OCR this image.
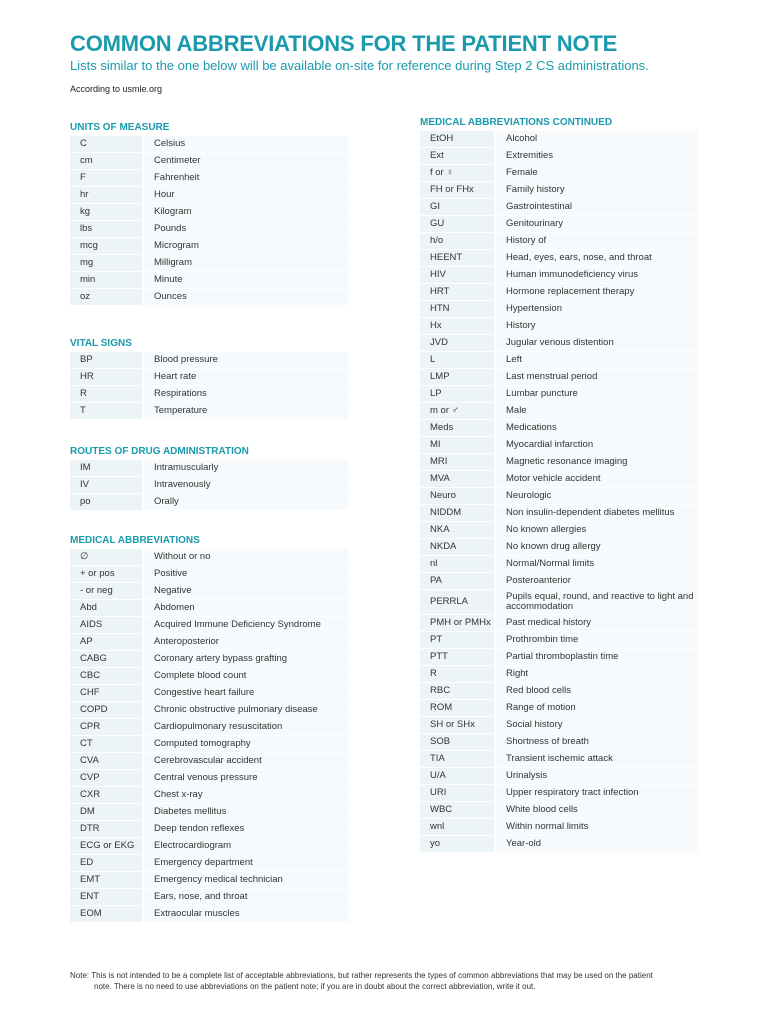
COMMON ABBREVIATIONS FOR THE PATIENT NOTE
Lists similar to the one below will be available on-site for reference during Step 2 CS administrations.
According to usmle.org
UNITS OF MEASURE
C	Celsius
cm	Centimeter
F	Fahrenheit
hr	Hour
kg	Kilogram
lbs	Pounds
mcg	Microgram
mg	Milligram
min	Minute
oz	Ounces
VITAL SIGNS
BP	Blood pressure
HR	Heart rate
R	Respirations
T	Temperature
ROUTES OF DRUG ADMINISTRATION
IM	Intramuscularly
IV	Intravenously
po	Orally
MEDICAL ABBREVIATIONS
∅	Without or no
+ or pos	Positive
- or neg	Negative
Abd	Abdomen
AIDS	Acquired Immune Deficiency Syndrome
AP	Anteroposterior
CABG	Coronary artery bypass grafting
CBC	Complete blood count
CHF	Congestive heart failure
COPD	Chronic obstructive pulmonary disease
CPR	Cardiopulmonary resuscitation
CT	Computed tomography
CVA	Cerebrovascular accident
CVP	Central venous pressure
CXR	Chest x-ray
DM	Diabetes mellitus
DTR	Deep tendon reflexes
ECG or EKG	Electrocardiogram
ED	Emergency department
EMT	Emergency medical technician
ENT	Ears, nose, and throat
EOM	Extraocular muscles
MEDICAL ABBREVIATIONS CONTINUED
EtOH	Alcohol
Ext	Extremities
f or ♀	Female
FH or FHx	Family history
GI	Gastrointestinal
GU	Genitourinary
h/o	History of
HEENT	Head, eyes, ears, nose, and throat
HIV	Human immunodeficiency virus
HRT	Hormone replacement therapy
HTN	Hypertension
Hx	History
JVD	Jugular venous distention
L	Left
LMP	Last menstrual period
LP	Lumbar puncture
m or ♂	Male
Meds	Medications
MI	Myocardial infarction
MRI	Magnetic resonance imaging
MVA	Motor vehicle accident
Neuro	Neurologic
NIDDM	Non insulin-dependent diabetes mellitus
NKA	No known allergies
NKDA	No known drug allergy
nl	Normal/Normal limits
PA	Posteroanterior
PERRLA	Pupils equal, round, and reactive to light and accommodation
PMH or PMHx	Past medical history
PT	Prothrombin time
PTT	Partial thromboplastin time
R	Right
RBC	Red blood cells
ROM	Range of motion
SH or SHx	Social history
SOB	Shortness of breath
TIA	Transient ischemic attack
U/A	Urinalysis
URI	Upper respiratory tract infection
WBC	White blood cells
wnl	Within normal limits
yo	Year-old
Note: This is not intended to be a complete list of acceptable abbreviations, but rather represents the types of common abbreviations that may be used on the patient
note. There is no need to use abbreviations on the patient note; if you are in doubt about the correct abbreviation, write it out.
